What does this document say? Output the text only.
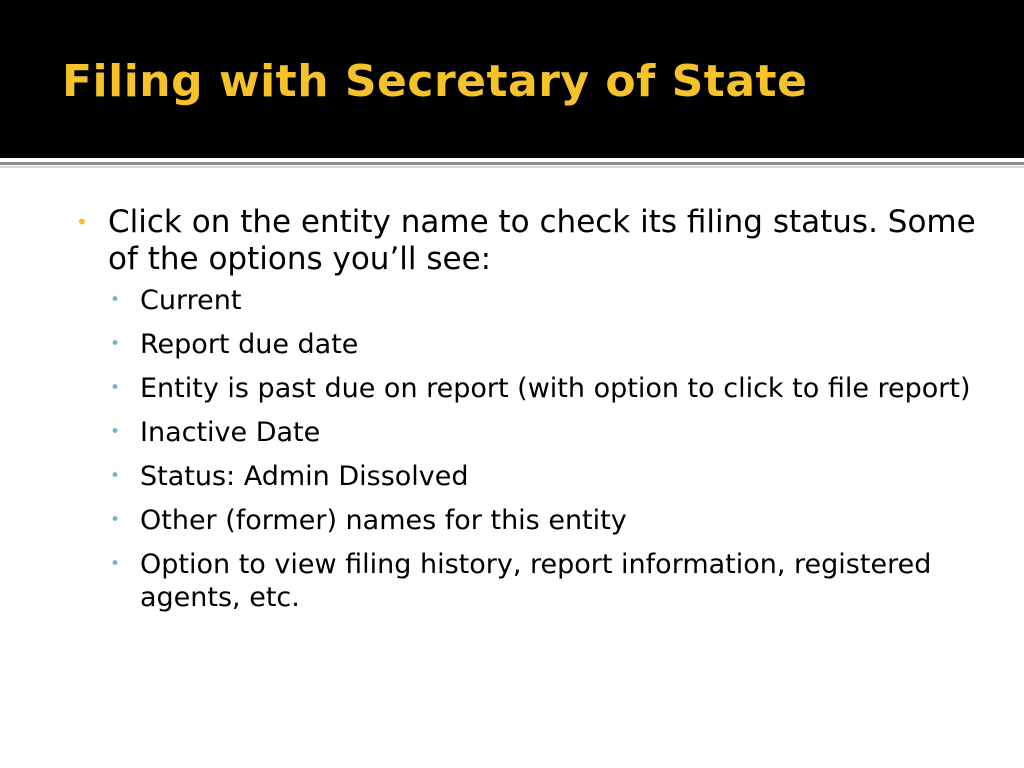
Filing with Secretary of State
• Click on the entity name to check its filing status. Some of the options you’ll see:
• Current
• Report due date
• Entity is past due on report (with option to click to file report)
• Inactive Date
• Status: Admin Dissolved
• Other (former) names for this entity
• Option to view filing history, report information, registered agents, etc.
